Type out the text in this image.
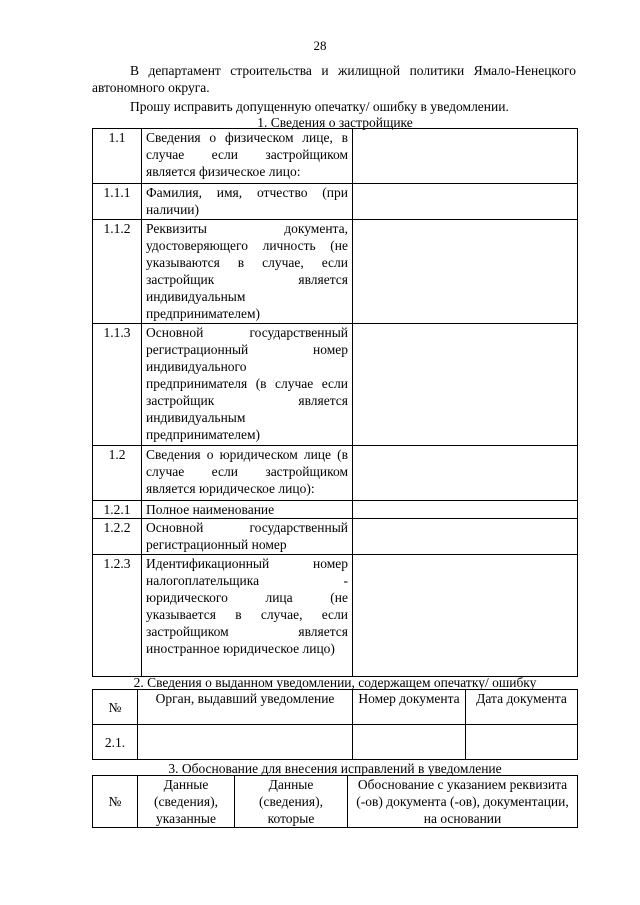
28
В департамент строительства и жилищной политики Ямало-Ненецкого автономного округа.
Прошу исправить допущенную опечатку/ ошибку в уведомлении.
1. Сведения о застройщике
1.1	Сведения о физическом лице, в случае если застройщиком является физическое лицо:	
1.1.1	Фамилия, имя, отчество (при наличии)	
1.1.2	Реквизиты документа, удостоверяющего личность (не указываются в случае, если застройщик является индивидуальным предпринимателем)	
1.1.3	Основной государственный регистрационный номер индивидуального предпринимателя (в случае если застройщик является индивидуальным предпринимателем)	
1.2	Сведения о юридическом лице (в случае если застройщиком является юридическое лицо):	
1.2.1	Полное наименование	
1.2.2	Основной государственный регистрационный номер	
1.2.3	Идентификационный номер налогоплательщика - юридического лица (не указывается в случае, если застройщиком является иностранное юридическое лицо)	
2. Сведения о выданном уведомлении, содержащем опечатку/ ошибку
№	Орган, выдавший уведомление	Номер документа	Дата документа
2.1.			
3. Обоснование для внесения исправлений в уведомление
№	Данные (сведения), указанные	Данные (сведения), которые	Обоснование с указанием реквизита (-ов) документа (-ов), документации, на основании
